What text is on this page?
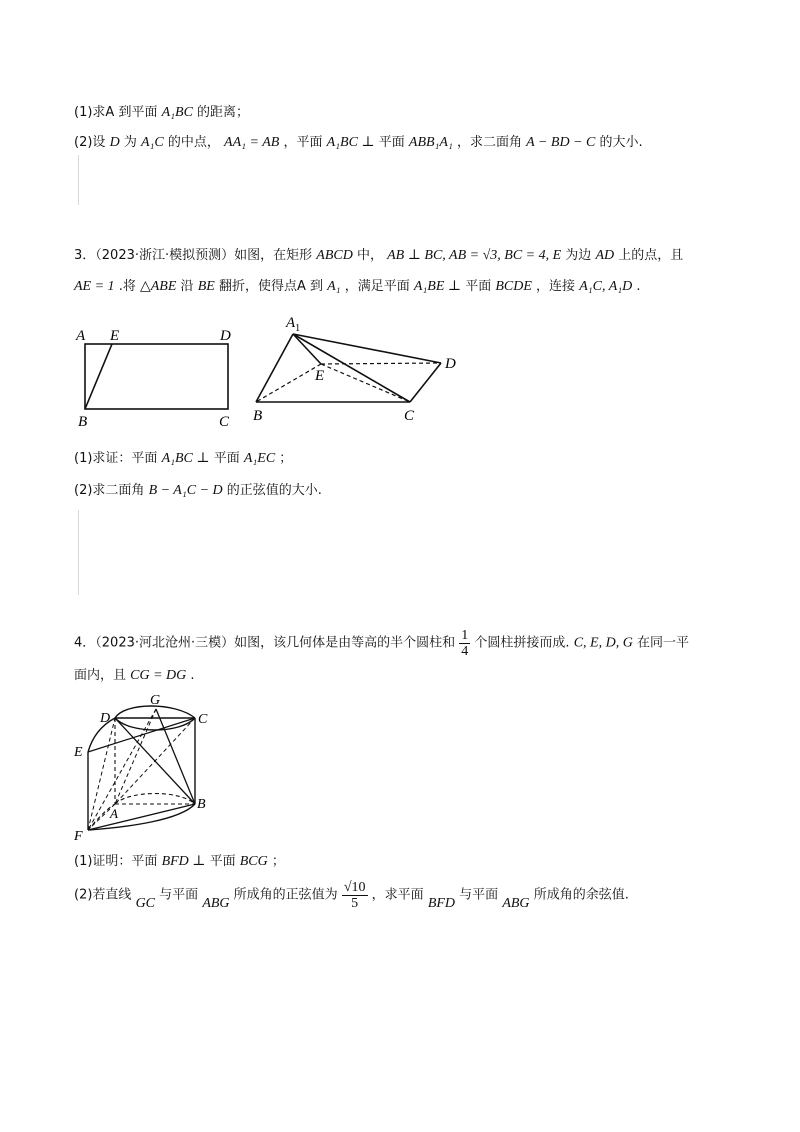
(1)求A 到平面 A₁BC 的距离；
(2)设 D 为 A₁C 的中点， AA₁ = AB ，平面 A₁BC ⊥ 平面 ABB₁A₁ ，求二面角 A − BD − C 的大小.
3．（2023·浙江·模拟预测）如图，在矩形 ABCD 中， AB ⊥ BC, AB = √3, BC = 4, E 为边 AD 上的点，且
AE = 1 .将 △ABE 沿 BE 翻折，使得点A 到 A₁ ，满足平面 A₁BE ⊥ 平面 BCDE ，连接 A₁C, A₁D .
A E	D
B	C
$A_1$
E
D
B	C
(1)求证：平面 A₁BC ⊥ 平面 A₁EC ；
(2)求二面角 B − A₁C − D 的正弦值的大小.
4．（2023·河北沧州·三模）如图，该几何体是由等高的半个圆柱和 $\frac{1}{4}$ 个圆柱拼接而成. C, E, D, G 在同一平
面内，且 CG = DG .
G
D	C
E
A
B
F
(1)证明：平面 BFD ⊥ 平面 BCG ；
(2)若直线 GC 与平面 ABG 所成角的正弦值为 $\frac{√10}{5}$ ，求平面 BFD 与平面 ABG 所成角的余弦值.
